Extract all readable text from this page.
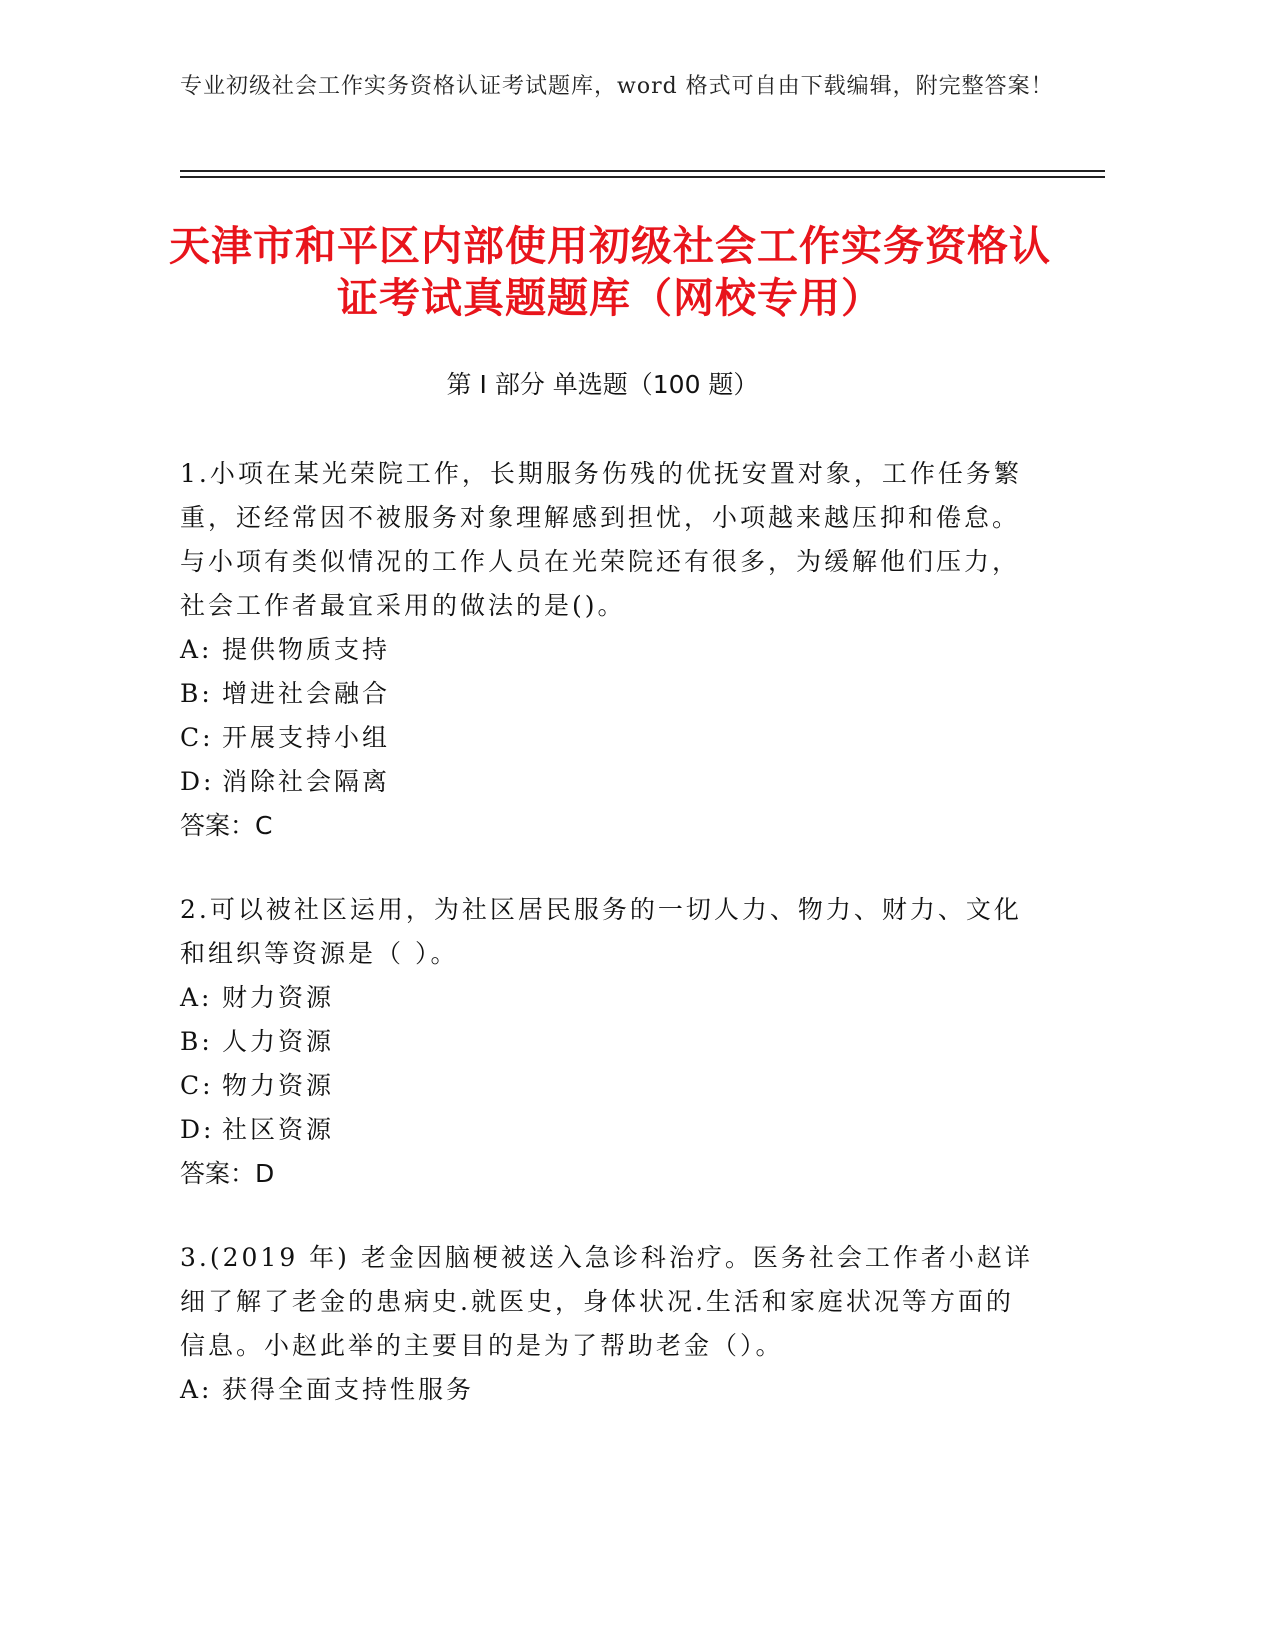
专业初级社会工作实务资格认证考试题库，word 格式可自由下载编辑，附完整答案！
天津市和平区内部使用初级社会工作实务资格认证考试真题题库（网校专用）
第 I 部分 单选题（100 题）

1.小项在某光荣院工作，长期服务伤残的优抚安置对象，工作任务繁重，还经常因不被服务对象理解感到担忧，小项越来越压抑和倦怠。与小项有类似情况的工作人员在光荣院还有很多，为缓解他们压力，社会工作者最宜采用的做法的是()。

A: 提供物质支持
B: 增进社会融合
C: 开展支持小组
D: 消除社会隔离
答案：C

2.可以被社区运用，为社区居民服务的一切人力、物力、财力、文化和组织等资源是（ ）。

A: 财力资源
B: 人力资源
C: 物力资源
D: 社区资源
答案：D

3.(2019 年) 老金因脑梗被送入急诊科治疗。医务社会工作者小赵详细了解了老金的患病史.就医史，身体状况.生活和家庭状况等方面的信息。小赵此举的主要目的是为了帮助老金（）。

A: 获得全面支持性服务
